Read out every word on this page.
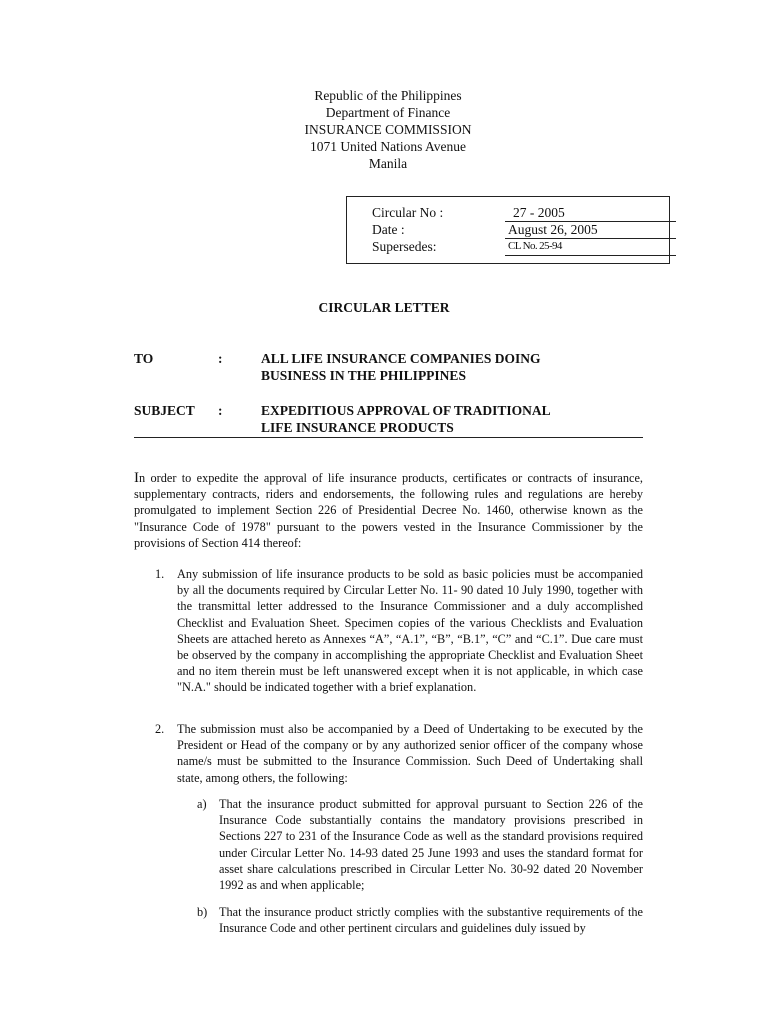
Republic of the Philippines
Department of Finance
INSURANCE COMMISSION
1071 United Nations Avenue
Manila
Circular No :	27 - 2005
Date :	August 26, 2005
Supersedes:	CL No. 25-94
CIRCULAR LETTER
TO	:	ALL LIFE INSURANCE COMPANIES DOING BUSINESS IN THE PHILIPPINES
SUBJECT	:	EXPEDITIOUS APPROVAL OF TRADITIONAL LIFE INSURANCE PRODUCTS
In order to expedite the approval of life insurance products, certificates or contracts of insurance, supplementary contracts, riders and endorsements, the following rules and regulations are hereby promulgated to implement Section 226 of Presidential Decree No. 1460, otherwise known as the "Insurance Code of 1978" pursuant to the powers vested in the Insurance Commissioner by the provisions of Section 414 thereof:
1. Any submission of life insurance products to be sold as basic policies must be accompanied by all the documents required by Circular Letter No. 11- 90 dated 10 July 1990, together with the transmittal letter addressed to the Insurance Commissioner and a duly accomplished Checklist and Evaluation Sheet. Specimen copies of the various Checklists and Evaluation Sheets are attached hereto as Annexes “A”, “A.1”, “B”, “B.1”, “C” and “C.1”. Due care must be observed by the company in accomplishing the appropriate Checklist and Evaluation Sheet and no item therein must be left unanswered except when it is not applicable, in which case "N.A." should be indicated together with a brief explanation.
2. The submission must also be accompanied by a Deed of Undertaking to be executed by the President or Head of the company or by any authorized senior officer of the company whose name/s must be submitted to the Insurance Commission. Such Deed of Undertaking shall state, among others, the following:
a) That the insurance product submitted for approval pursuant to Section 226 of the Insurance Code substantially contains the mandatory provisions prescribed in Sections 227 to 231 of the Insurance Code as well as the standard provisions required under Circular Letter No. 14-93 dated 25 June 1993 and uses the standard format for asset share calculations prescribed in Circular Letter No. 30-92 dated 20 November 1992 as and when applicable;
b) That the insurance product strictly complies with the substantive requirements of the Insurance Code and other pertinent circulars and guidelines duly issued by
